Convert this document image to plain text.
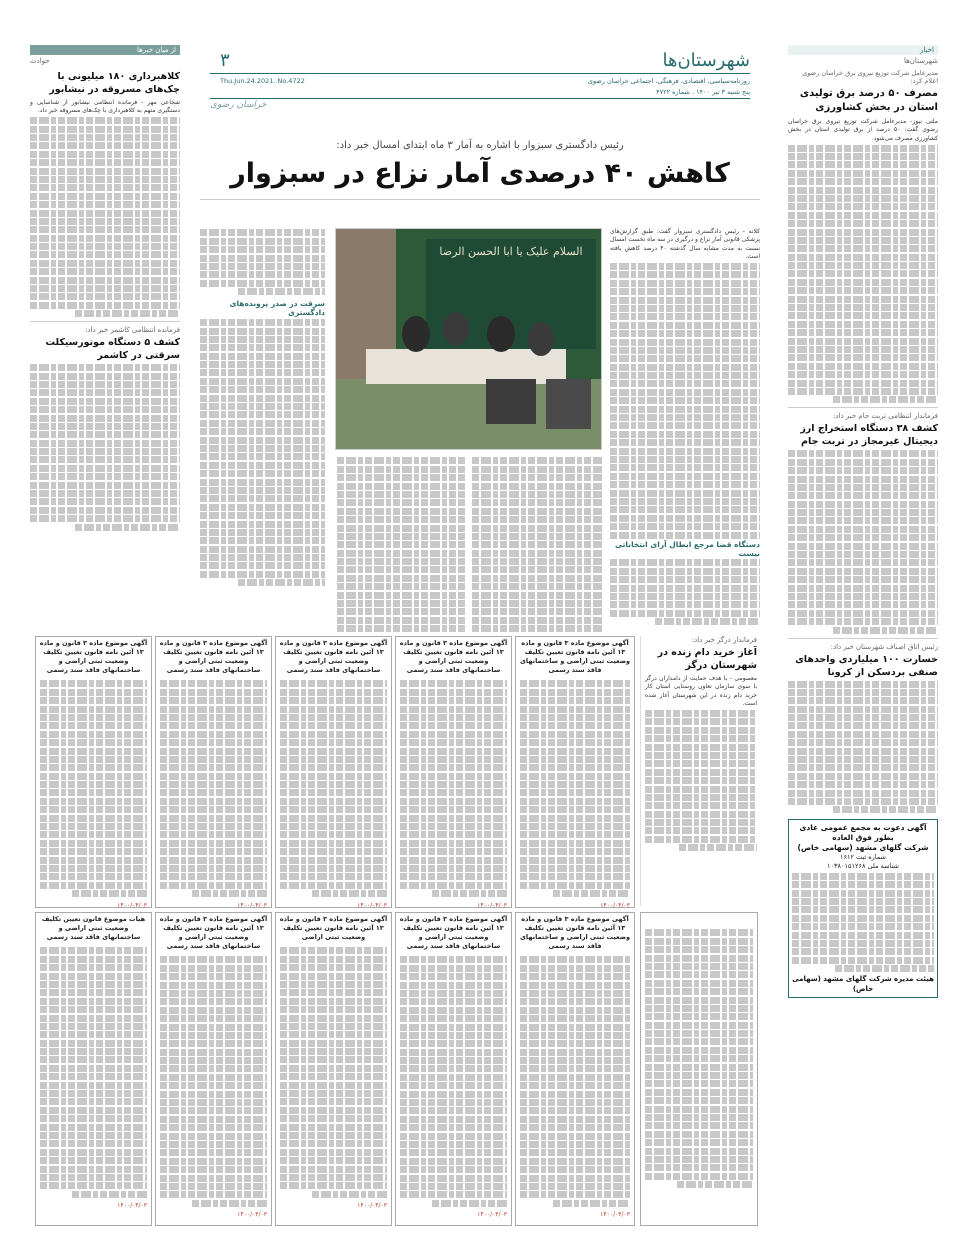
اخبار
شهرستان‌ها
مدیرعامل شرکت توزیع نیروی برق خراسان رضوی اعلام کرد:
مصرف ۵۰ درصد برق تولیدی استان در بخش کشاورزی
ملتی نیوز- مدیرعامل شرکت توزیع نیروی برق خراسان رضوی گفت: ۵۰ درصد از برق تولیدی استان در بخش کشاورزی مصرف می‌شود.
فرماندار انتظامی تربت جام خبر داد:
کشف ۳۸ دستگاه استخراج ارز دیجیتال غیرمجاز در تربت جام
رئیس اتاق اصناف شهرستان خبر داد:
خسارت ۱۰۰ میلیاردی واحدهای صنفی بردسکن از کرونا
آگهی دعوت به مجمع عمومی عادی بطور فوق العاده
شرکت گلهای مشهد (سهامی خاص)
شماره ثبت ۱۶۱۲
شناسه ملی ۱۰۳۸۰۱۵۱۲۶۸
هیئت مدیره شرکت گلهای مشهد (سهامی خاص)
از میان خبرها
حوادث
کلاهبرداری ۱۸۰ میلیونی با چک‌های مسروقه در نیشابور
شجاعی مهر - فرمانده انتظامی نیشابور از شناسایی و دستگیری متهم به کلاهبرداری با چک‌های مسروقه خبر داد.
فرمانده انتظامی کاشمر خبر داد:
کشف ۵ دستگاه موتورسیکلت سرقتی در کاشمر
شهرستان‌ها
۳
روزنامه‌سیاسی، اقتصادی، فرهنگی، اجتماعی خراسان رضوی
Thu.Jun.24.2021. No.4722
پنج شنبه ۳ تیر ۱۴۰۰ . شماره ۴۷۲۲
خراسان رضوی
رئیس دادگستری سبزوار با اشاره به آمار ۳ ماه ابتدای امسال خبر داد:
کاهش ۴۰ درصدی آمار نزاع در سبزوار
کلانه - رئیس دادگستری سبزوار گفت: طبق گزارش‌های پزشکی قانونی آمار نزاع و درگیری در سه ماه نخست امسال نسبت به مدت مشابه سال گذشته ۴۰ درصد کاهش یافته است.
السلام علیک یا ابا الحسن الرضا
دستگاه قضا مرجع ابطال آرای انتخاباتی نیست
سرقت در صدر پرونده‌های دادگستری
فرماندار درگز خبر داد:
آغاز خرید دام زنده در شهرستان درگز
معصومی - با هدف حمایت از دامداران درگز با سوی سازمان تعاون روستایی استان کار خرید دام زنده در این شهرستان آغاز شده است.
آگهی موضوع ماده ۳ قانون و ماده ۱۳ آئین نامه قانون تعیین تکلیف وضعیت ثبتی اراضی و ساختمانهای فاقد سند رسمی
۱۴۰۰/۰۴/۰۳
آگهی موضوع ماده ۳ قانون و ماده ۱۳ آئین نامه قانون تعیین تکلیف وضعیت ثبتی اراضی و ساختمانهای فاقد سند رسمی
۱۴۰۰/۰۴/۰۳
آگهی موضوع ماده ۳ قانون و ماده ۱۳ آئین نامه قانون تعیین تکلیف وضعیت ثبتی اراضی و ساختمانهای فاقد سند رسمی
۱۴۰۰/۰۴/۰۳
آگهی موضوع ماده ۳ قانون و ماده ۱۳ آئین نامه قانون تعیین تکلیف وضعیت ثبتی اراضی و ساختمانهای فاقد سند رسمی
۱۴۰۰/۰۴/۰۳
آگهی موضوع ماده ۳ قانون و ماده ۱۳ آئین نامه قانون تعیین تکلیف وضعیت ثبتی اراضی و ساختمانهای فاقد سند رسمی
۱۴۰۰/۰۴/۰۳
هیات موضوع قانون تعیین تکلیف وضعیت ثبتی اراضی و ساختمانهای فاقد سند رسمی
۱۴۰۰/۰۴/۰۳
آگهی موضوع ماده ۳ قانون و ماده ۱۳ آئین نامه قانون تعیین تکلیف وضعیت ثبتی اراضی و ساختمانهای فاقد سند رسمی
۱۴۰۰/۰۴/۰۳
آگهی موضوع ماده ۳ قانون و ماده ۱۳ آئین نامه قانون تعیین تکلیف وضعیت ثبتی اراضی
۱۴۰۰/۰۴/۰۳
آگهی موضوع ماده ۳ قانون و ماده ۱۳ آئین نامه قانون تعیین تکلیف وضعیت ثبتی اراضی و ساختمانهای فاقد سند رسمی
۱۴۰۰/۰۴/۰۳
آگهی موضوع ماده ۳ قانون و ماده ۱۳ آئین نامه قانون تعیین تکلیف وضعیت ثبتی اراضی و ساختمانهای فاقد سند رسمی
۱۴۰۰/۰۴/۰۳
